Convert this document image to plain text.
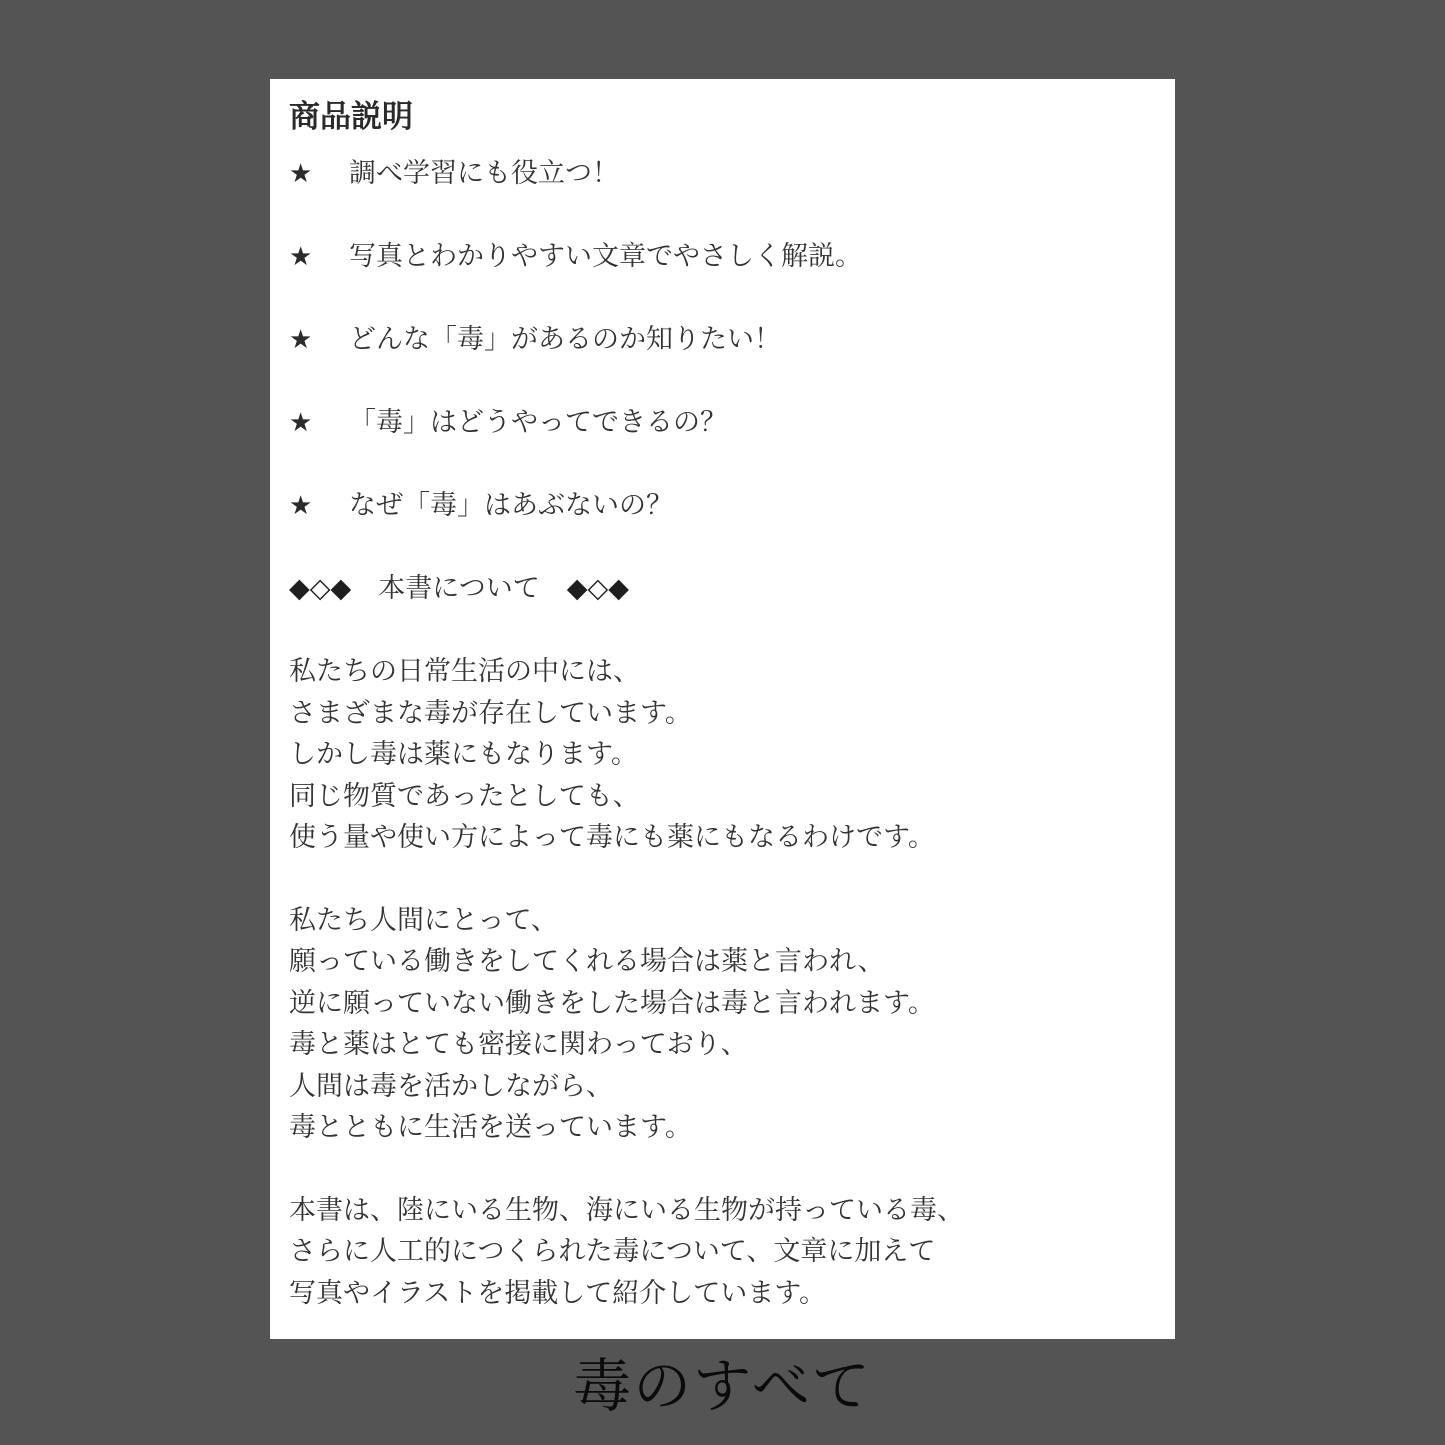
商品説明
★	調べ学習にも役立つ！
★	写真とわかりやすい文章でやさしく解説。
★	どんな「毒」があるのか知りたい！
★	「毒」はどうやってできるの？
★	なぜ「毒」はあぶないの？
◆◇◆　 本書について　 ◆◇◆
私たちの日常生活の中には、
さまざまな毒が存在しています。
しかし毒は薬にもなります。
同じ物質であったとしても、
使う量や使い方によって毒にも薬にもなるわけです。
私たち人間にとって、
願っている働きをしてくれる場合は薬と言われ、
逆に願っていない働きをした場合は毒と言われます。
毒と薬はとても密接に関わっており、
人間は毒を活かしながら、
毒とともに生活を送っています。
本書は、陸にいる生物、海にいる生物が持っている毒、
さらに人工的につくられた毒について、文章に加えて
写真やイラストを掲載して紹介しています。
毒のすべて
